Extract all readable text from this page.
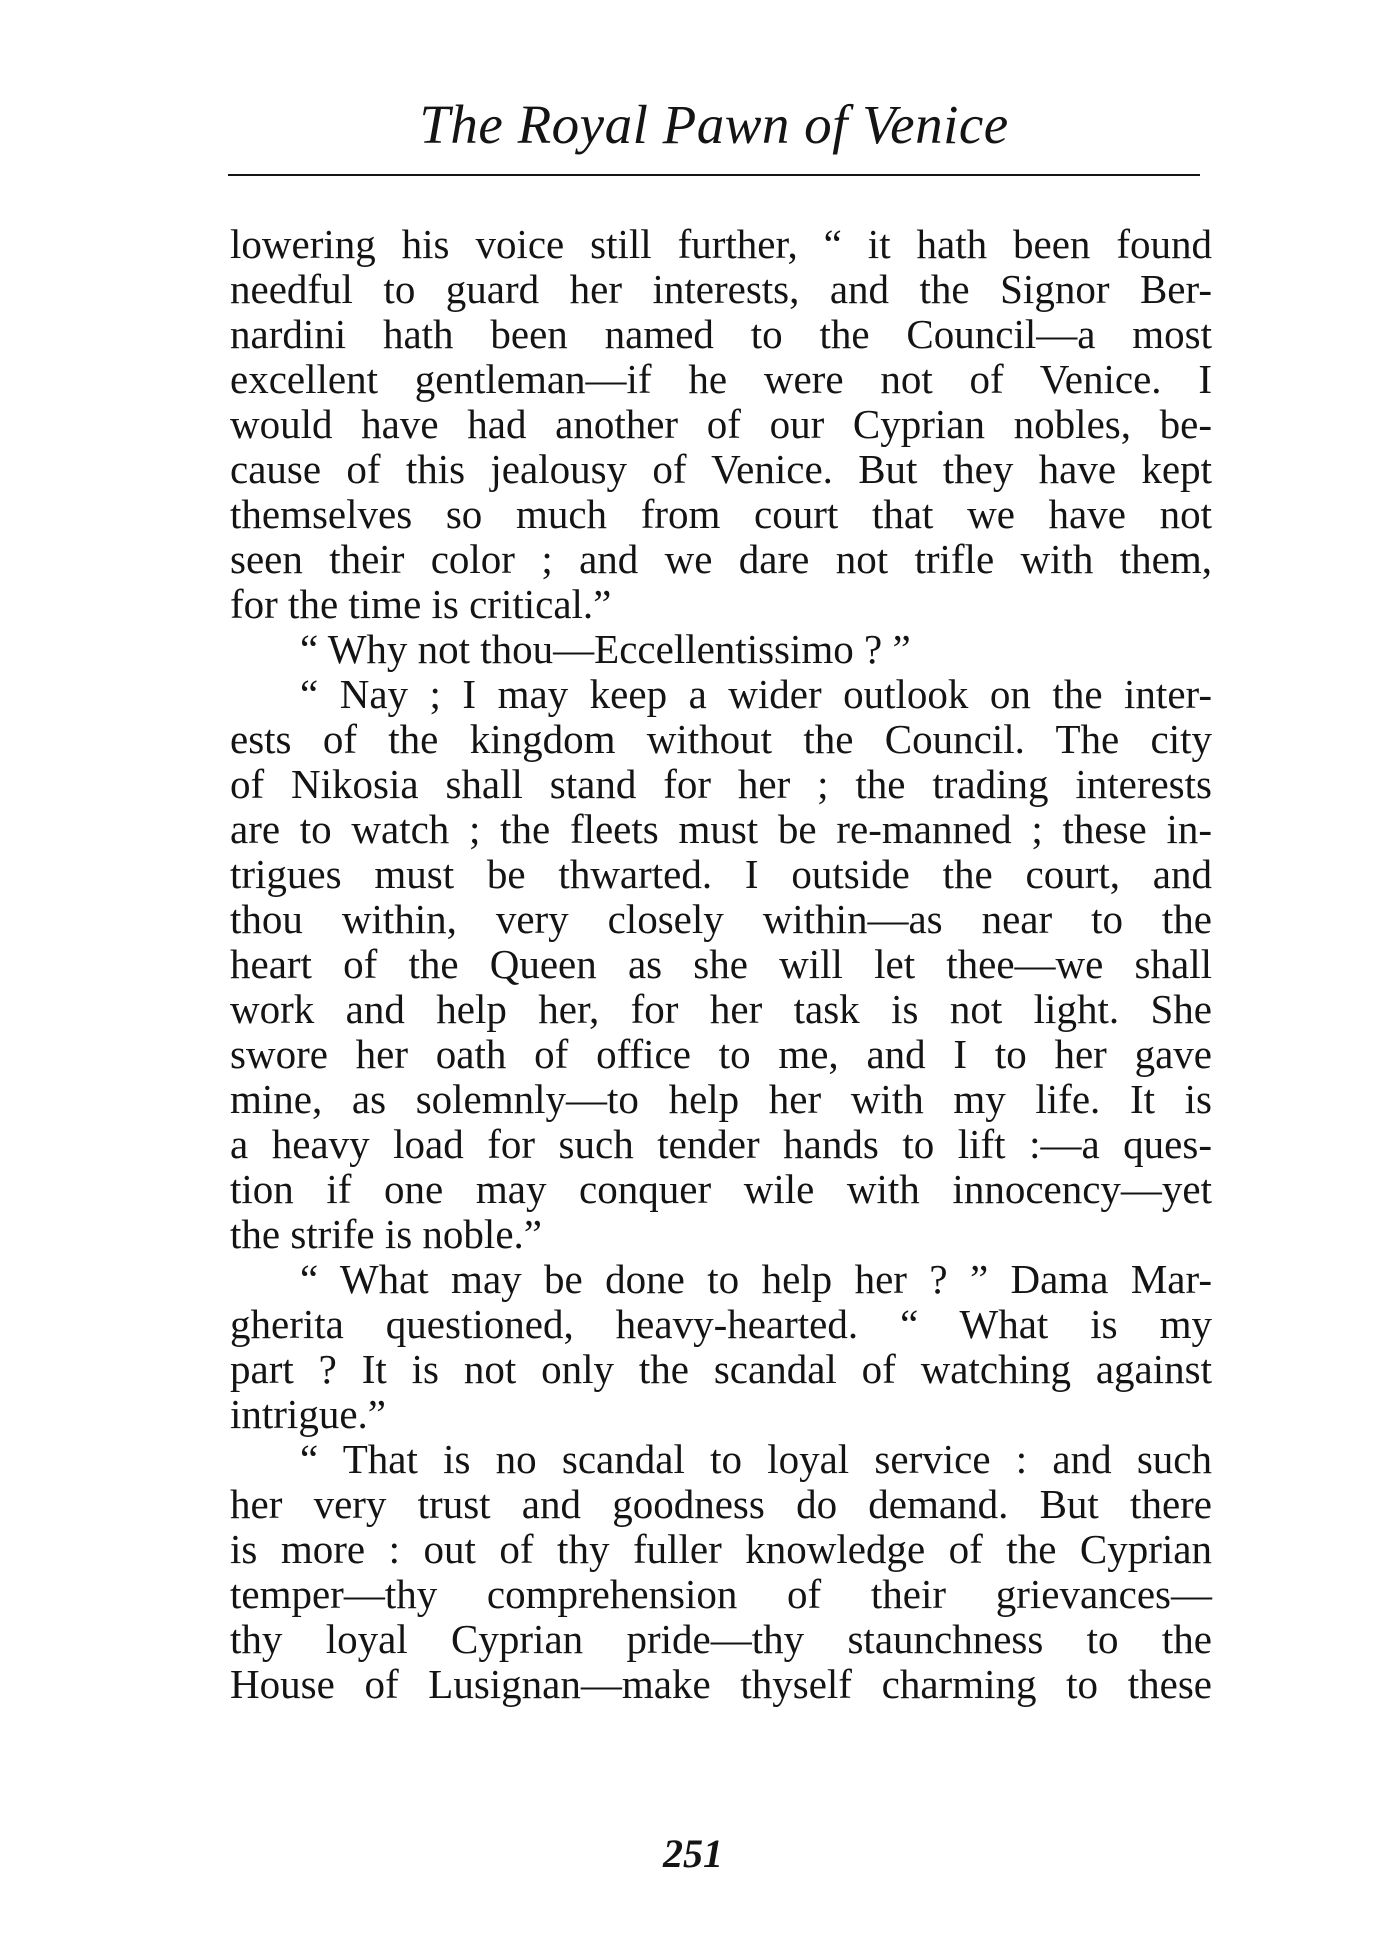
The Royal Pawn of Venice
lowering his voice still further, “ it hath been found
needful to guard her interests, and the Signor Ber-
nardini hath been named to the Council—a most
excellent gentleman—if he were not of Venice. I
would have had another of our Cyprian nobles, be-
cause of this jealousy of Venice. But they have kept
themselves so much from court that we have not
seen their color ; and we dare not trifle with them,
for the time is critical.”
“ Why not thou—Eccellentissimo ? ”
“ Nay ; I may keep a wider outlook on the inter-
ests of the kingdom without the Council. The city
of Nikosia shall stand for her ; the trading interests
are to watch ; the fleets must be re-manned ; these in-
trigues must be thwarted. I outside the court, and
thou within, very closely within—as near to the
heart of the Queen as she will let thee—we shall
work and help her, for her task is not light. She
swore her oath of office to me, and I to her gave
mine, as solemnly—to help her with my life. It is
a heavy load for such tender hands to lift :—a ques-
tion if one may conquer wile with innocency—yet
the strife is noble.”
“ What may be done to help her ? ” Dama Mar-
gherita questioned, heavy-hearted. “ What is my
part ? It is not only the scandal of watching against
intrigue.”
“ That is no scandal to loyal service : and such
her very trust and goodness do demand. But there
is more : out of thy fuller knowledge of the Cyprian
temper—thy comprehension of their grievances—
thy loyal Cyprian pride—thy staunchness to the
House of Lusignan—make thyself charming to these
251
